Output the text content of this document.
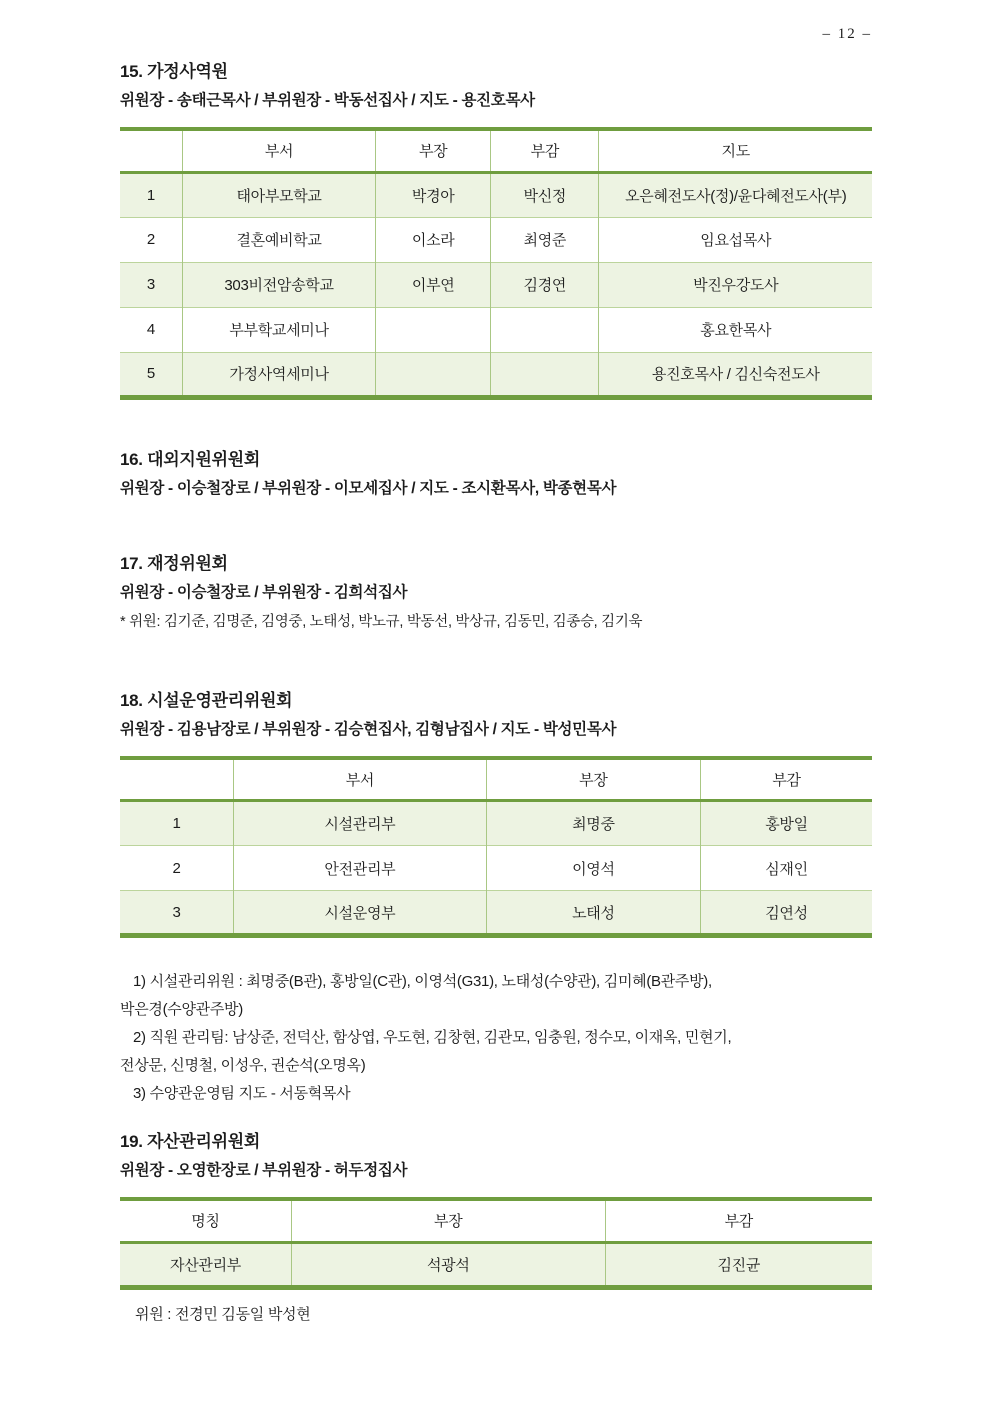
– 12 –
15. 가정사역원
위원장 - 송태근목사 / 부위원장 - 박동선집사 / 지도 - 용진호목사
	부서	부장	부감	지도
1	태아부모학교	박경아	박신정	오은혜전도사(정)/윤다혜전도사(부)
2	결혼예비학교	이소라	최영준	임요섭목사
3	303비전암송학교	이부연	김경연	박진우강도사
4	부부학교세미나			홍요한목사
5	가정사역세미나			용진호목사 / 김신숙전도사
16. 대외지원위원회
위원장 - 이승철장로 / 부위원장 - 이모세집사 / 지도 - 조시환목사, 박종현목사
17. 재정위원회
위원장 - 이승철장로 / 부위원장 - 김희석집사
* 위원: 김기준, 김명준, 김영중, 노태성, 박노규, 박동선, 박상규, 김동민, 김종승, 김기욱
18. 시설운영관리위원회
위원장 - 김용남장로 / 부위원장 - 김승현집사, 김형남집사 / 지도 - 박성민목사
	부서	부장	부감
1	시설관리부	최명중	홍방일
2	안전관리부	이영석	심재인
3	시설운영부	노태성	김연성
1) 시설관리위원 : 최명중(B관), 홍방일(C관), 이영석(G31), 노태성(수양관), 김미혜(B관주방),
박은경(수양관주방)
2) 직원 관리팀: 남상준, 전덕산, 함상엽, 우도현, 김창현, 김관모, 임충원, 정수모, 이재옥, 민현기,
전상문, 신명철, 이성우, 권순석(오명옥)
3) 수양관운영팀 지도 - 서동혁목사
19. 자산관리위원회
위원장 - 오영한장로 / 부위원장 - 허두정집사
명칭	부장	부감
자산관리부	석광석	김진균
위원 : 전경민 김동일 박성현
